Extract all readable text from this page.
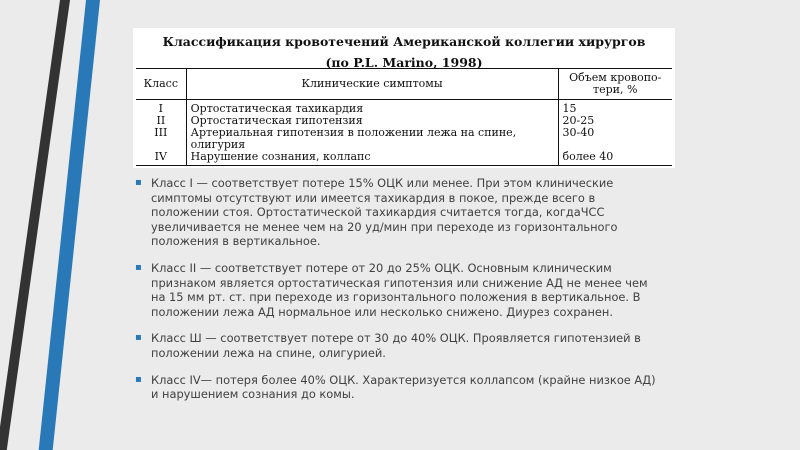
Классификация кровотечений Американской коллегии хирургов
(по P.L. Marino, 1998)
Класс	Клинические симптомы	Объем кровопо-
тери, %
I	Ортостатическая тахикардия	15
II	Ортостатическая гипотензия	20-25
III	Артериальная гипотензия в положении лежа на спине, олигурия	30-40
IV	Нарушение сознания, коллапс	более 40
▪ Класс I — соответствует потере 15% ОЦК или менее. При этом клинические симптомы отсутствуют или имеется тахикардия в покое, прежде всего в положении стоя. Ортостатической тахикардия считается тогда, когдаЧСС увеличивается не менее чем на 20 уд/мин при переходе из горизонтального положения в вертикальное.
▪ Класс II — соответствует потере от 20 до 25% ОЦК. Основным клиническим признаком является ортостатическая гипотензия или снижение АД не менее чем на 15 мм рт. ст. при переходе из горизонтального положения в вертикальное. В положении лежа АД нормальное или несколько снижено. Диурез сохранен.
▪ Класс Ш — соответствует потере от 30 до 40% ОЦК. Проявляется гипотензией в положении лежа на спине, олигурией.
▪ Класс IV— потеря более 40% ОЦК. Характеризуется коллапсом (крайне низкое АД) и нарушением сознания до комы.
